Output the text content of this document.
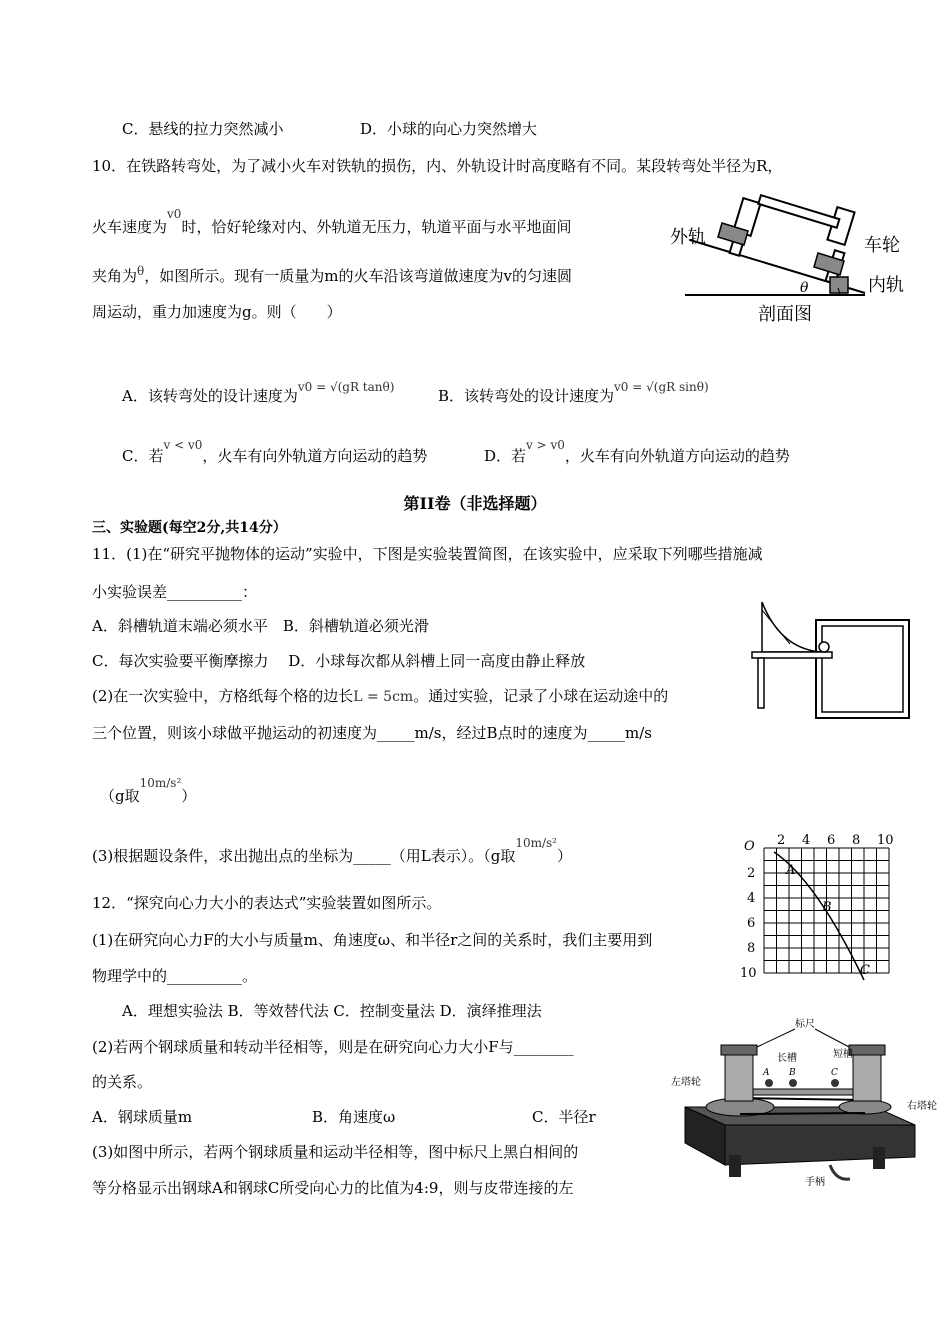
C．悬线的拉力突然减小	D．小球的向心力突然增大
10．在铁路转弯处，为了减小火车对铁轨的损伤，内、外轨设计时高度略有不同。某段转弯处半径为R，
火车速度为$^{v0}$时，恰好轮缘对内、外轨道无压力，轨道平面与水平地面间
夹角为$^\theta$，如图所示。现有一质量为m的火车沿该弯道做速度为v的匀速圆
周运动，重力加速度为g。则（　　）
θ
外轨	车轮
内轨
剖面图
A．该转弯处的设计速度为$^{v0 = √(gR tan\theta)}$	B．该转弯处的设计速度为$^{v0 = √(gR sin\theta)}$
C．若$^{v < v0}$，火车有向外轨道方向运动的趋势	D．若$^{v > v0}$，火车有向外轨道方向运动的趋势
第II卷（非选择题）
三、实验题(每空2分,共14分）
11．(1)在“研究平抛物体的运动”实验中，下图是实验装置简图，在该实验中，应采取下列哪些措施减
小实验误差__________：
A．斜槽轨道末端必须水平　B．斜槽轨道必须光滑
C．每次实验要平衡摩擦力　 D．小球每次都从斜槽上同一高度由静止释放
(2)在一次实验中，方格纸每个格的边长L = 5cm。通过实验，记录了小球在运动途中的
三个位置，则该小球做平抛运动的初速度为_____m/s，经过B点时的速度为_____m/s
（g取$^{10m/s^2}$）
(3)根据题设条件，求出抛出点的坐标为_____（用L表示）。（g取$^{10m/s^2}$）
O 2 4 6 8 10
2
4
6
8
10
A
B
C
12．“探究向心力大小的表达式”实验装置如图所示。
(1)在研究向心力F的大小与质量m、角速度ω、和半径r之间的关系时，我们主要用到
物理学中的__________。
A．理想实验法 B．等效替代法 C．控制变量法 D．演绎推理法
(2)若两个钢球质量和转动半径相等，则是在研究向心力大小F与________
的关系。
A．钢球质量m	B．角速度ω	C．半径r
(3)如图中所示，若两个钢球质量和运动半径相等，图中标尺上黑白相间的
等分格显示出钢球A和钢球C所受向心力的比值为4:9，则与皮带连接的左
标尺
长槽	短槽
A B	C
左塔轮
右塔轮
手柄
